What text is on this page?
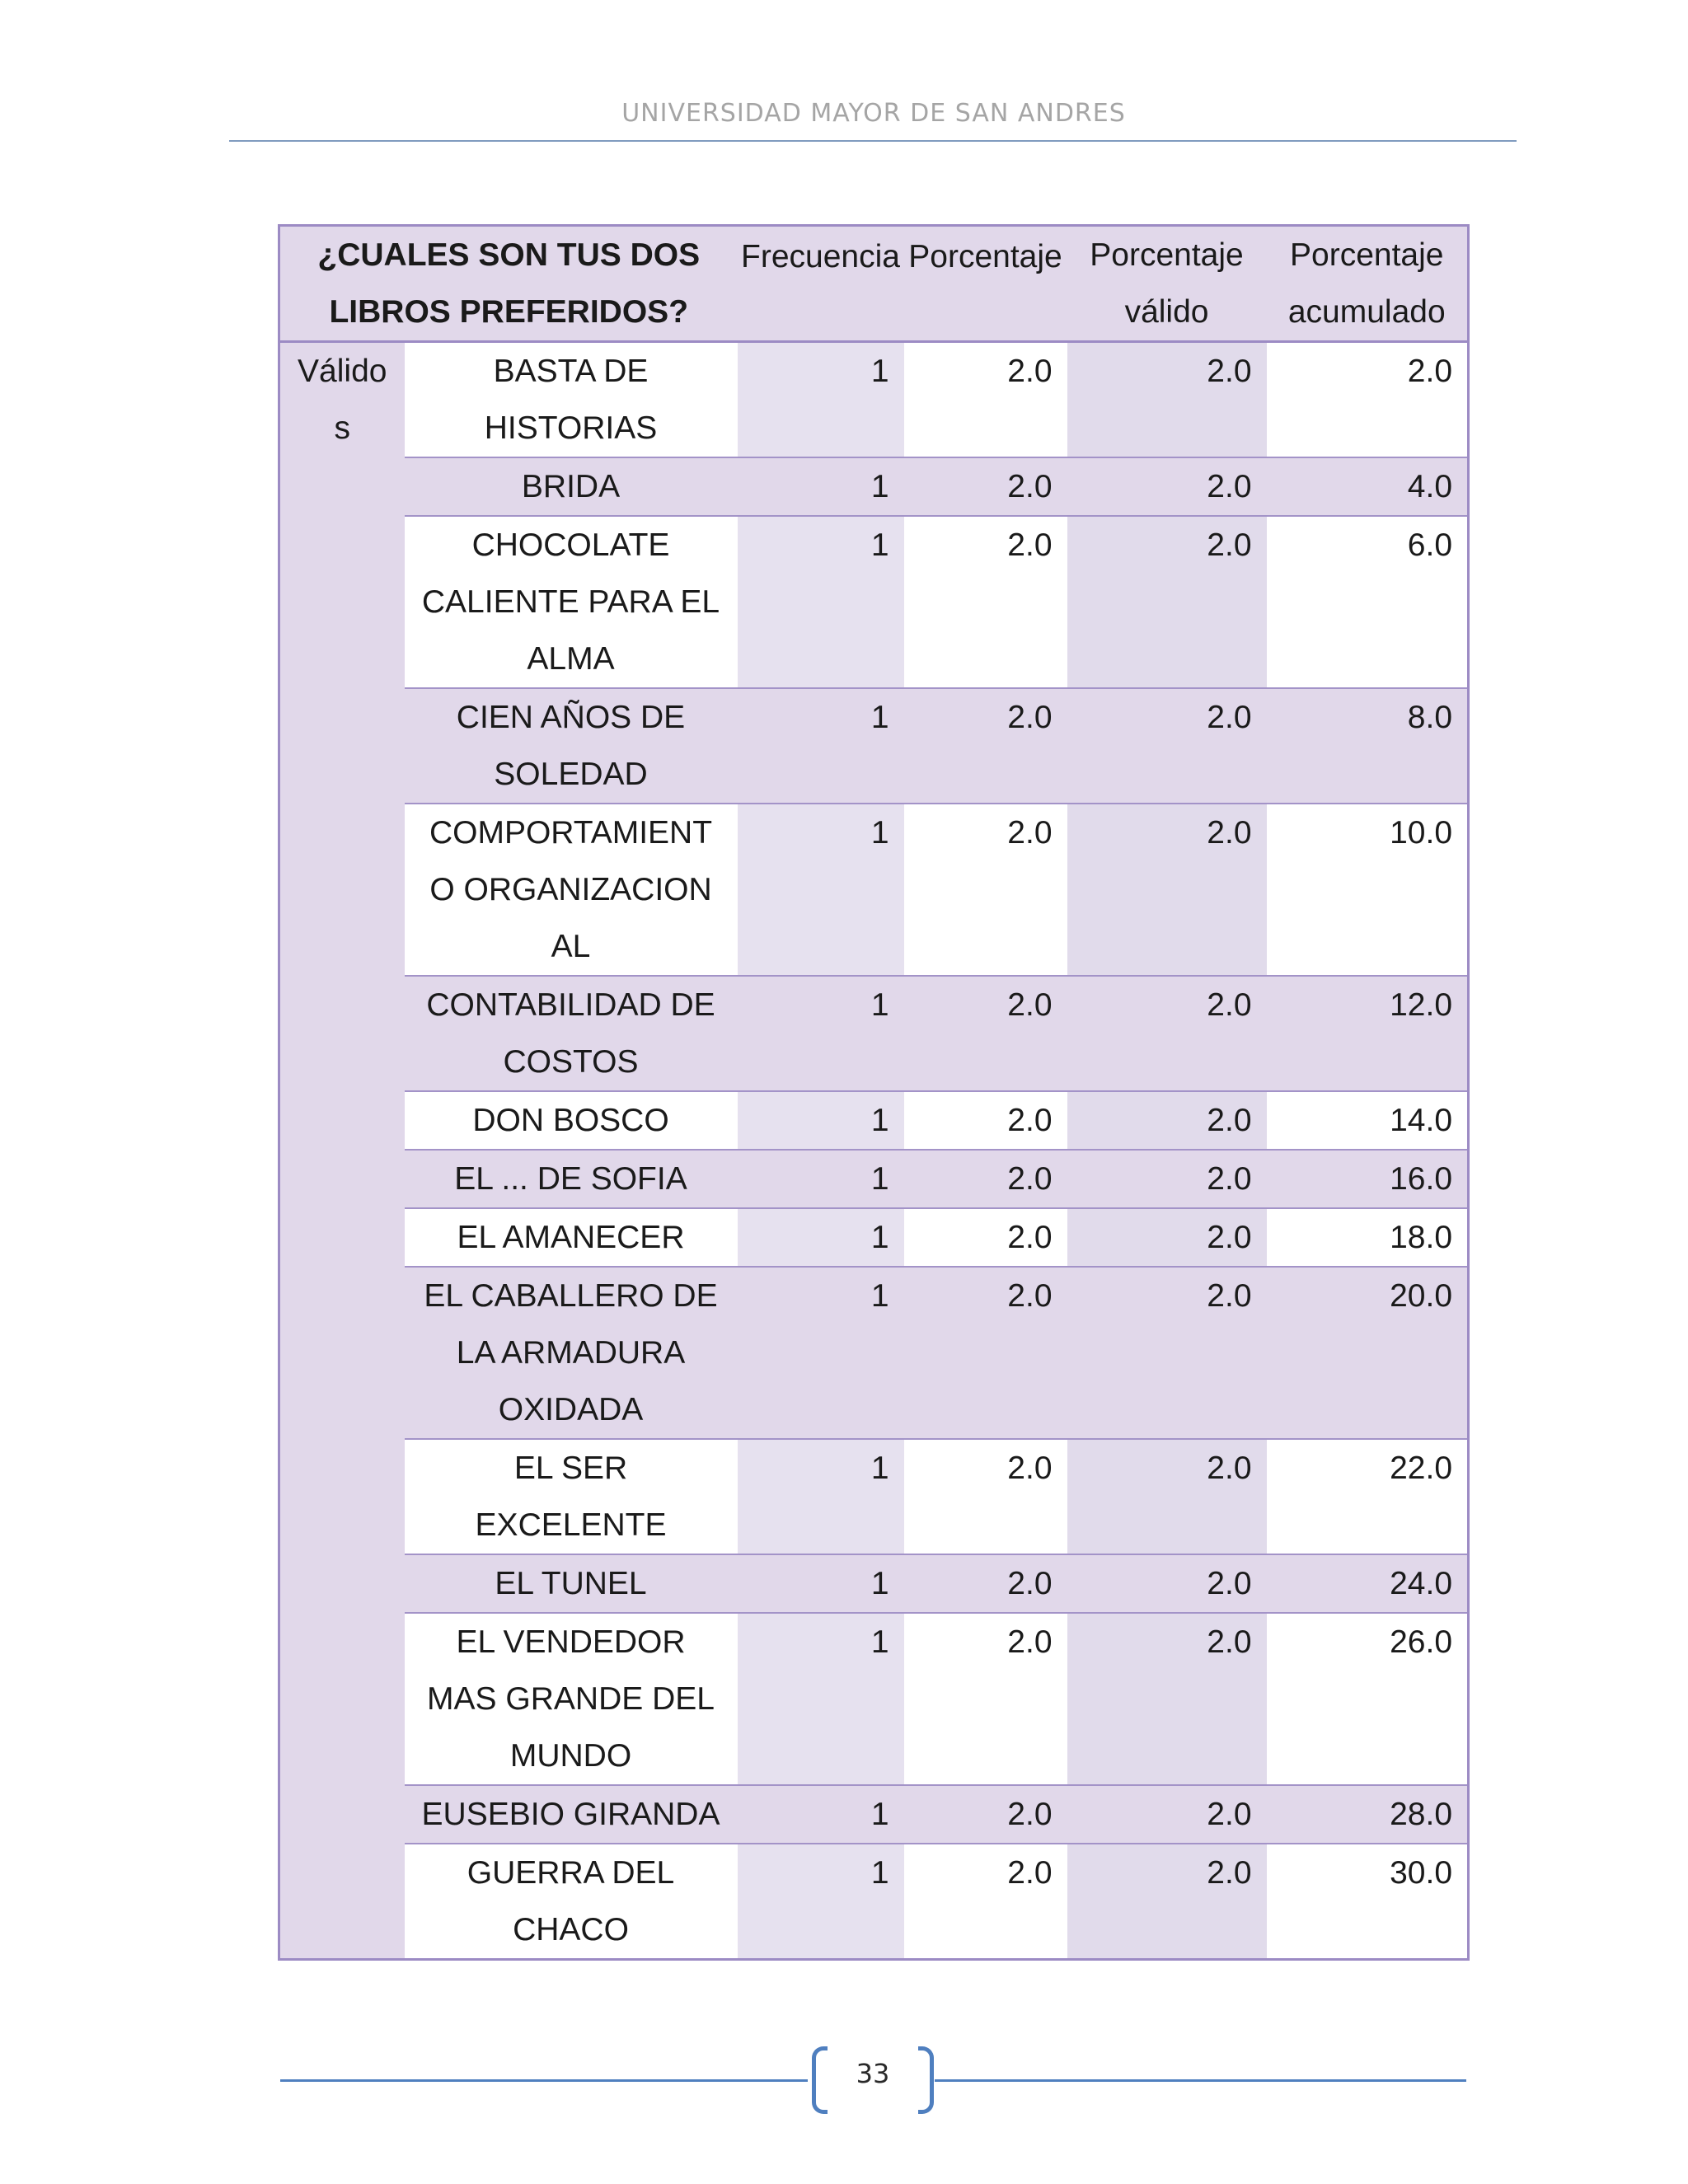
UNIVERSIDAD MAYOR DE SAN ANDRES
¿CUALES SON TUS DOS LIBROS PREFERIDOS?		Frecuencia	Porcentaje	Porcentaje válido	Porcentaje acumulado

Válidos	BASTA DE HISTORIAS	1	2.0	2.0	2.0
	BRIDA	1	2.0	2.0	4.0
	CHOCOLATE CALIENTE PARA EL ALMA	1	2.0	2.0	6.0
	CIEN AÑOS DE SOLEDAD	1	2.0	2.0	8.0
	COMPORTAMIENTO ORGANIZACIONAL	1	2.0	2.0	10.0
	CONTABILIDAD DE COSTOS	1	2.0	2.0	12.0
	DON BOSCO	1	2.0	2.0	14.0
	EL ... DE SOFIA	1	2.0	2.0	16.0
	EL AMANECER	1	2.0	2.0	18.0
	EL CABALLERO DE LA ARMADURA OXIDADA	1	2.0	2.0	20.0
	EL SER EXCELENTE	1	2.0	2.0	22.0
	EL TUNEL	1	2.0	2.0	24.0
	EL VENDEDOR MAS GRANDE DEL MUNDO	1	2.0	2.0	26.0
	EUSEBIO GIRANDA	1	2.0	2.0	28.0
	GUERRA DEL CHACO	1	2.0	2.0	30.0
33
